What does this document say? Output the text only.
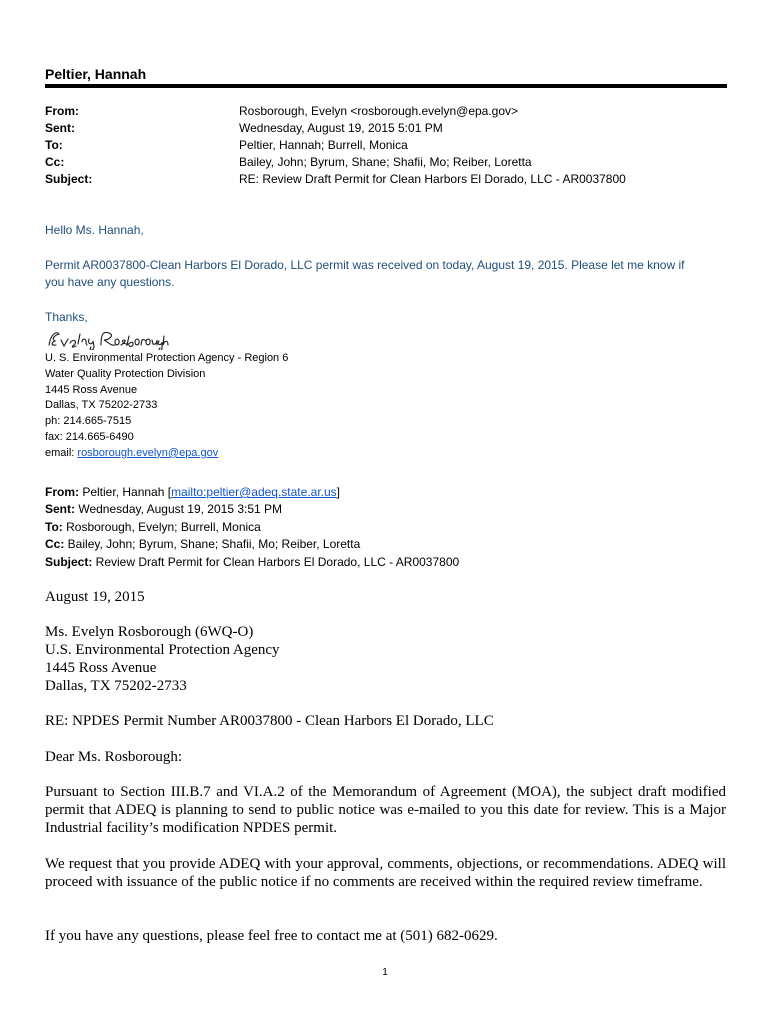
Peltier, Hannah
From:	Rosborough, Evelyn <rosborough.evelyn@epa.gov>
Sent:	Wednesday, August 19, 2015 5:01 PM
To:	Peltier, Hannah; Burrell, Monica
Cc:	Bailey, John; Byrum, Shane; Shafii, Mo; Reiber, Loretta
Subject:	RE: Review Draft Permit for Clean Harbors El Dorado, LLC - AR0037800
Hello Ms. Hannah,
Permit AR0037800-Clean Harbors El Dorado, LLC permit was received on today, August 19, 2015. Please let me know if
you have any questions.
Thanks,
U. S. Environmental Protection Agency - Region 6
Water Quality Protection Division
1445 Ross Avenue
Dallas, TX 75202-2733
ph: 214.665-7515
fax: 214.665-6490
email: rosborough.evelyn@epa.gov
From: Peltier, Hannah [mailto:peltier@adeq.state.ar.us]
Sent: Wednesday, August 19, 2015 3:51 PM
To: Rosborough, Evelyn; Burrell, Monica
Cc: Bailey, John; Byrum, Shane; Shafii, Mo; Reiber, Loretta
Subject: Review Draft Permit for Clean Harbors El Dorado, LLC - AR0037800
August 19, 2015
Ms. Evelyn Rosborough (6WQ-O)
U.S. Environmental Protection Agency
1445 Ross Avenue
Dallas, TX 75202-2733
RE: NPDES Permit Number AR0037800 - Clean Harbors El Dorado, LLC
Dear Ms. Rosborough:
Pursuant to Section III.B.7 and VI.A.2 of the Memorandum of Agreement (MOA), the subject draft modified permit that ADEQ is planning to send to public notice was e-mailed to you this date for review. This is a Major Industrial facility’s modification NPDES permit.
We request that you provide ADEQ with your approval, comments, objections, or recommendations. ADEQ will proceed with issuance of the public notice if no comments are received within the required review timeframe.
If you have any questions, please feel free to contact me at (501) 682-0629.
1
